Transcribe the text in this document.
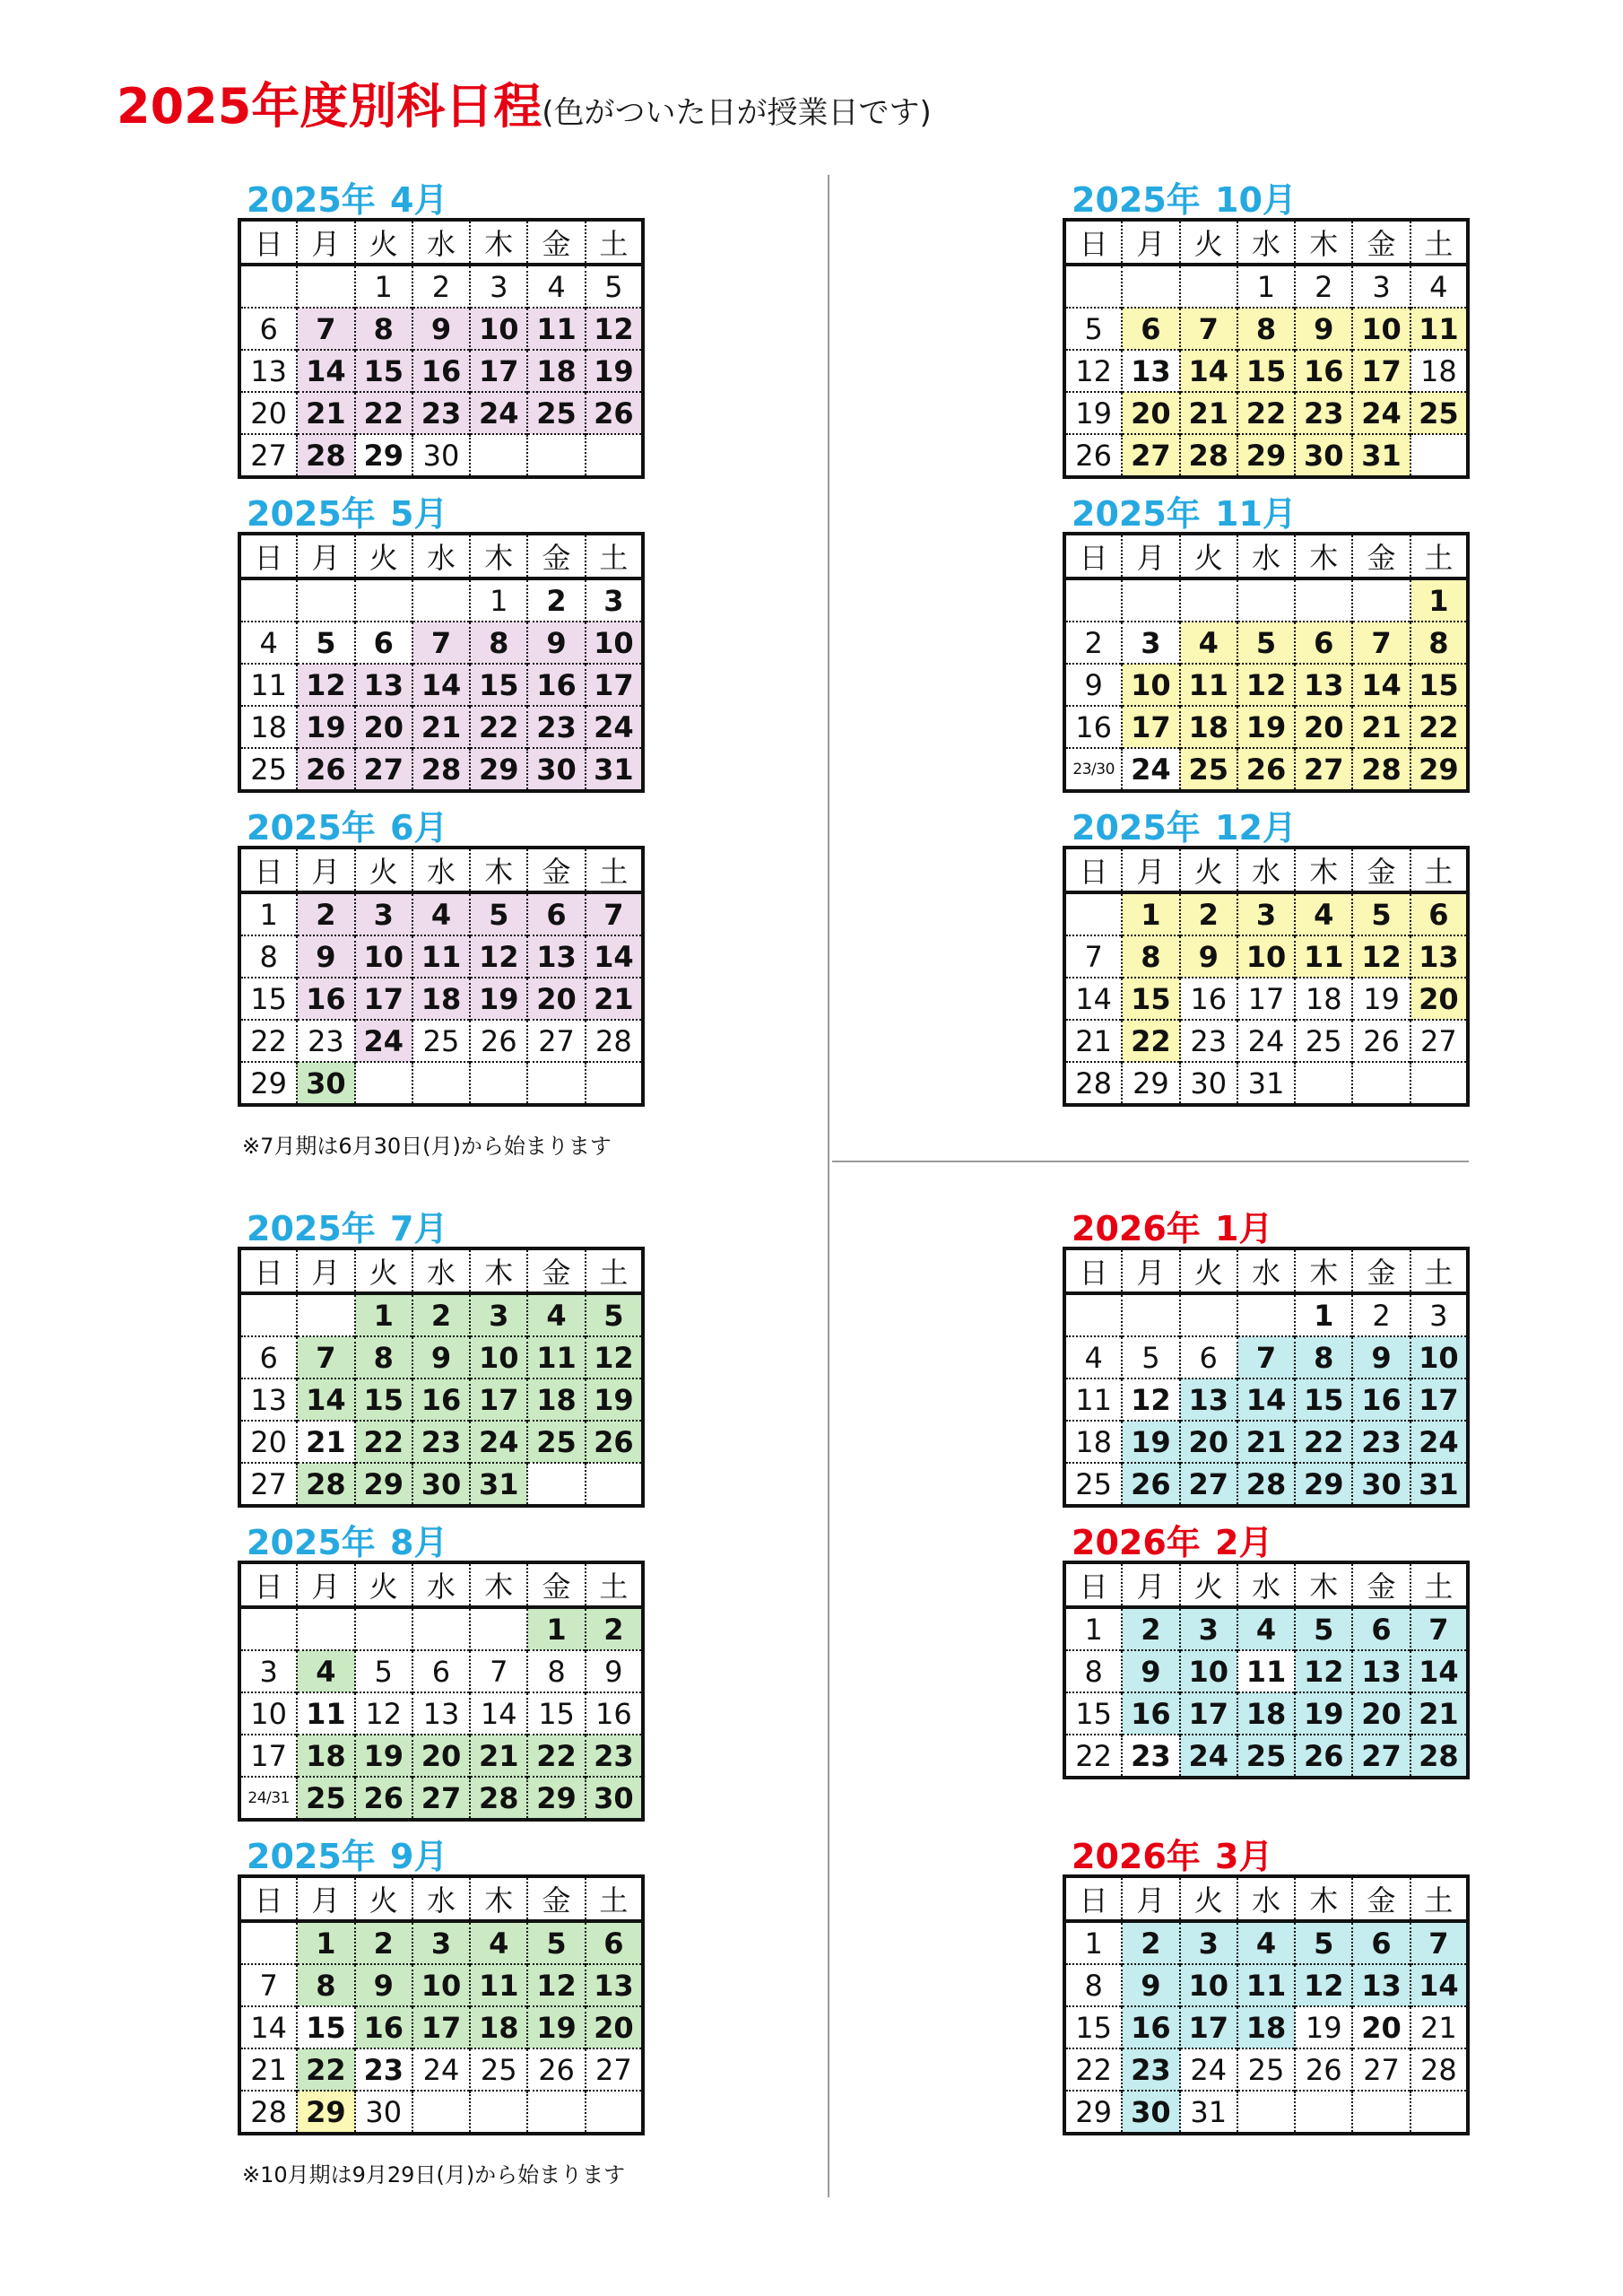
2025年度別科日程(色がついた日が授業日です)
2025年 4月
日	月	火	水	木	金	土
		1	2	3	4	5
6	7	8	9	10	11	12
13	14	15	16	17	18	19
20	21	22	23	24	25	26
27	28	29	30			
2025年 5月
日	月	火	水	木	金	土
				1	2	3
4	5	6	7	8	9	10
11	12	13	14	15	16	17
18	19	20	21	22	23	24
25	26	27	28	29	30	31
2025年 6月
日	月	火	水	木	金	土
1	2	3	4	5	6	7
8	9	10	11	12	13	14
15	16	17	18	19	20	21
22	23	24	25	26	27	28
29	30					
2025年 7月
日	月	火	水	木	金	土
		1	2	3	4	5
6	7	8	9	10	11	12
13	14	15	16	17	18	19
20	21	22	23	24	25	26
27	28	29	30	31		
2025年 8月
日	月	火	水	木	金	土
					1	2
3	4	5	6	7	8	9
10	11	12	13	14	15	16
17	18	19	20	21	22	23
24/31	25	26	27	28	29	30
2025年 9月
日	月	火	水	木	金	土
	1	2	3	4	5	6
7	8	9	10	11	12	13
14	15	16	17	18	19	20
21	22	23	24	25	26	27
28	29	30				
2025年 10月
日	月	火	水	木	金	土
			1	2	3	4
5	6	7	8	9	10	11
12	13	14	15	16	17	18
19	20	21	22	23	24	25
26	27	28	29	30	31	
2025年 11月
日	月	火	水	木	金	土
						1
2	3	4	5	6	7	8
9	10	11	12	13	14	15
16	17	18	19	20	21	22
23/30	24	25	26	27	28	29
2025年 12月
日	月	火	水	木	金	土
	1	2	3	4	5	6
7	8	9	10	11	12	13
14	15	16	17	18	19	20
21	22	23	24	25	26	27
28	29	30	31			
2026年 1月
日	月	火	水	木	金	土
				1	2	3
4	5	6	7	8	9	10
11	12	13	14	15	16	17
18	19	20	21	22	23	24
25	26	27	28	29	30	31
2026年 2月
日	月	火	水	木	金	土
1	2	3	4	5	6	7
8	9	10	11	12	13	14
15	16	17	18	19	20	21
22	23	24	25	26	27	28
2026年 3月
日	月	火	水	木	金	土
1	2	3	4	5	6	7
8	9	10	11	12	13	14
15	16	17	18	19	20	21
22	23	24	25	26	27	28
29	30	31				
※7月期は6月30日(月)から始まります
※10月期は9月29日(月)から始まります
